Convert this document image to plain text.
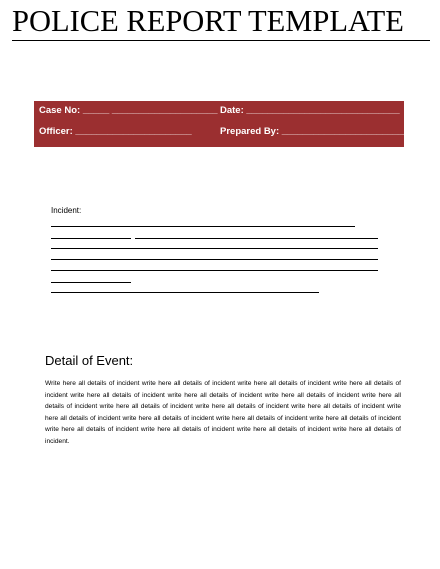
POLICE REPORT TEMPLATE
Case No: _____ ____________________ Date: _____________________________
Officer: ______________________	Prepared By: ________________________
Incident:
Detail of Event:
Write here all details of incident write here all details of incident write here all details of incident write here all details of incident write here all details of incident write here all details of incident write here all details of incident write here all details of incident write here all details of incident write here all details of incident write here all details of incident write here all details of incident write here all details of incident write here all details of incident write here all details of incident write here all details of incident write here all details of incident write here all details of incident write here all details of incident.
